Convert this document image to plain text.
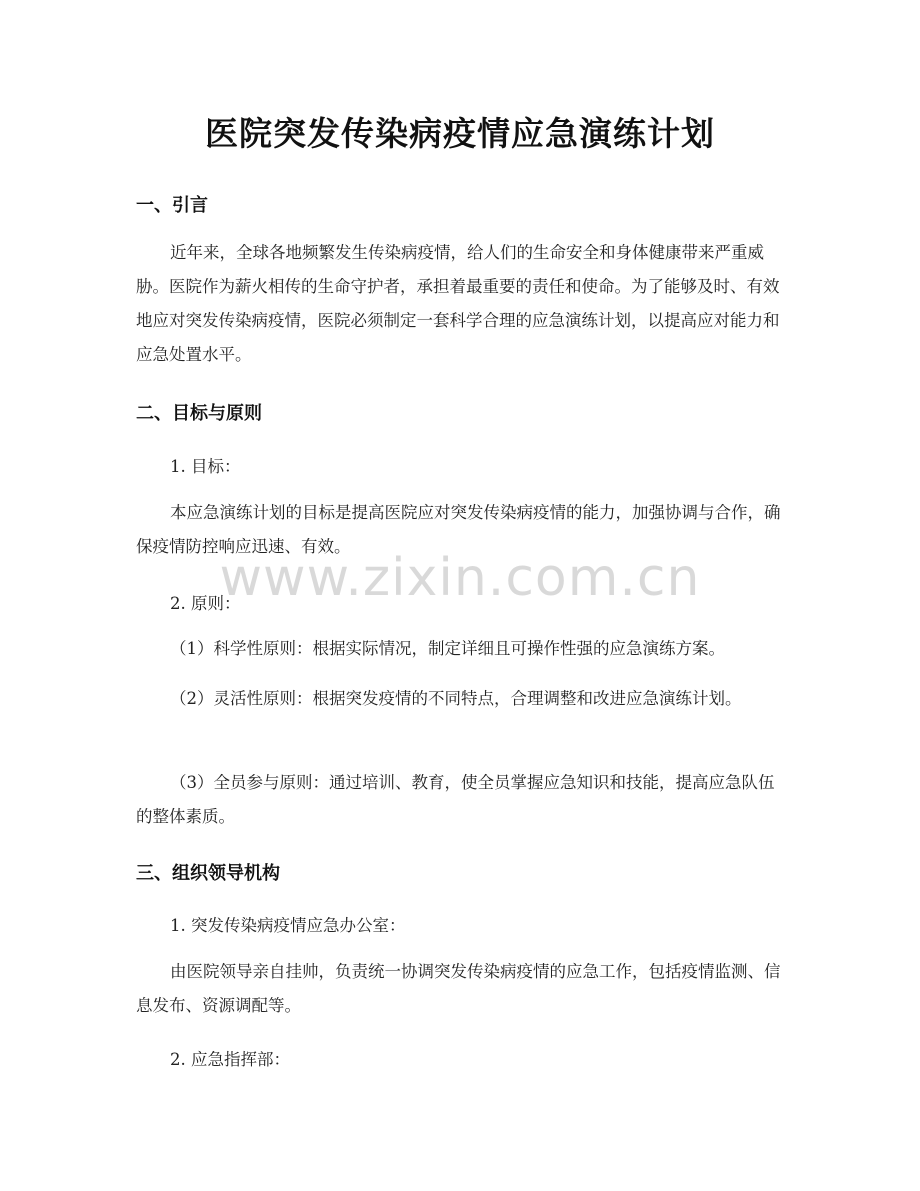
医院突发传染病疫情应急演练计划
一、引言

近年来，全球各地频繁发生传染病疫情，给人们的生命安全和身体健康带来严重威胁。医院作为薪火相传的生命守护者，承担着最重要的责任和使命。为了能够及时、有效地应对突发传染病疫情，医院必须制定一套科学合理的应急演练计划，以提高应对能力和应急处置水平。

二、目标与原则
1. 目标：

本应急演练计划的目标是提高医院应对突发传染病疫情的能力，加强协调与合作，确保疫情防控响应迅速、有效。

2. 原则：

（1）科学性原则：根据实际情况，制定详细且可操作性强的应急演练方案。

（2）灵活性原则：根据突发疫情的不同特点，合理调整和改进应急演练计划。

（3）全员参与原则：通过培训、教育，使全员掌握应急知识和技能，提高应急队伍的整体素质。

三、组织领导机构
1. 突发传染病疫情应急办公室：

由医院领导亲自挂帅，负责统一协调突发传染病疫情的应急工作，包括疫情监测、信息发布、资源调配等。

2. 应急指挥部：
www.zixin.com.cn
